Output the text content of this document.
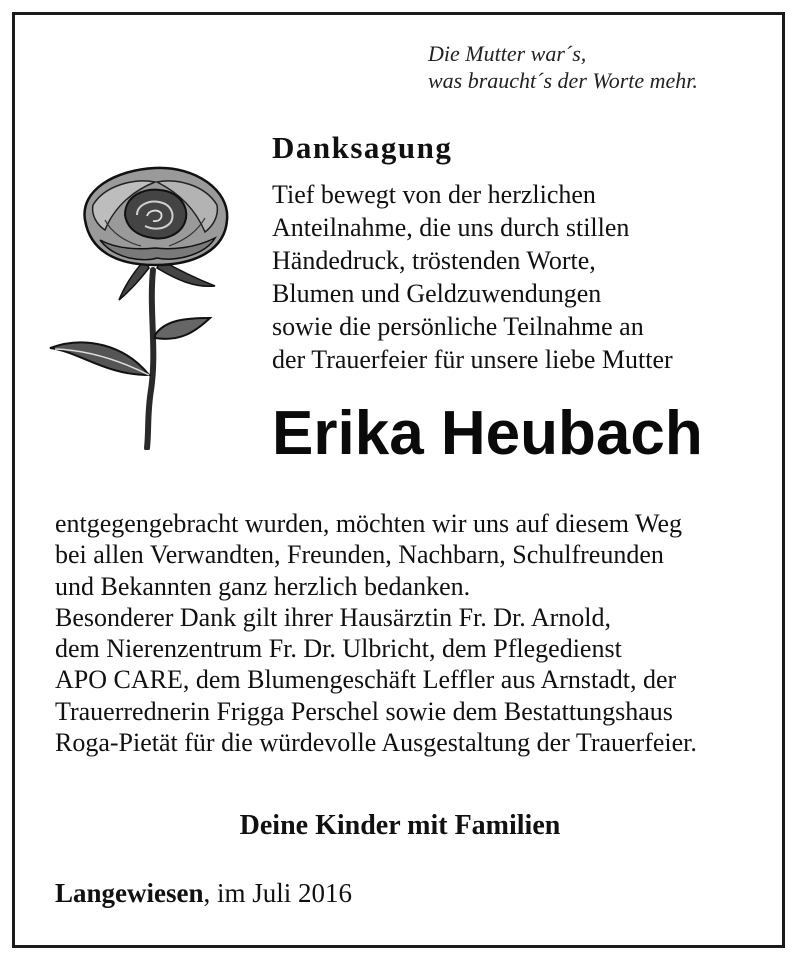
Die Mutter war´s,
was braucht´s der Worte mehr.
Danksagung
Tief bewegt von der herzlichen
Anteilnahme, die uns durch stillen
Händedruck, tröstenden Worte,
Blumen und Geldzuwendungen
sowie die persönliche Teilnahme an
der Trauerfeier für unsere liebe Mutter
Erika Heubach
entgegengebracht wurden, möchten wir uns auf diesem Weg
bei allen Verwandten, Freunden, Nachbarn, Schulfreunden
und Bekannten ganz herzlich bedanken.
Besonderer Dank gilt ihrer Hausärztin Fr. Dr. Arnold,
dem Nierenzentrum Fr. Dr. Ulbricht, dem Pflegedienst
APO CARE, dem Blumengeschäft Leffler aus Arnstadt, der
Trauerrednerin Frigga Perschel sowie dem Bestattungshaus
Roga-Pietät für die würdevolle Ausgestaltung der Trauerfeier.
Deine Kinder mit Familien
Langewiesen, im Juli 2016
